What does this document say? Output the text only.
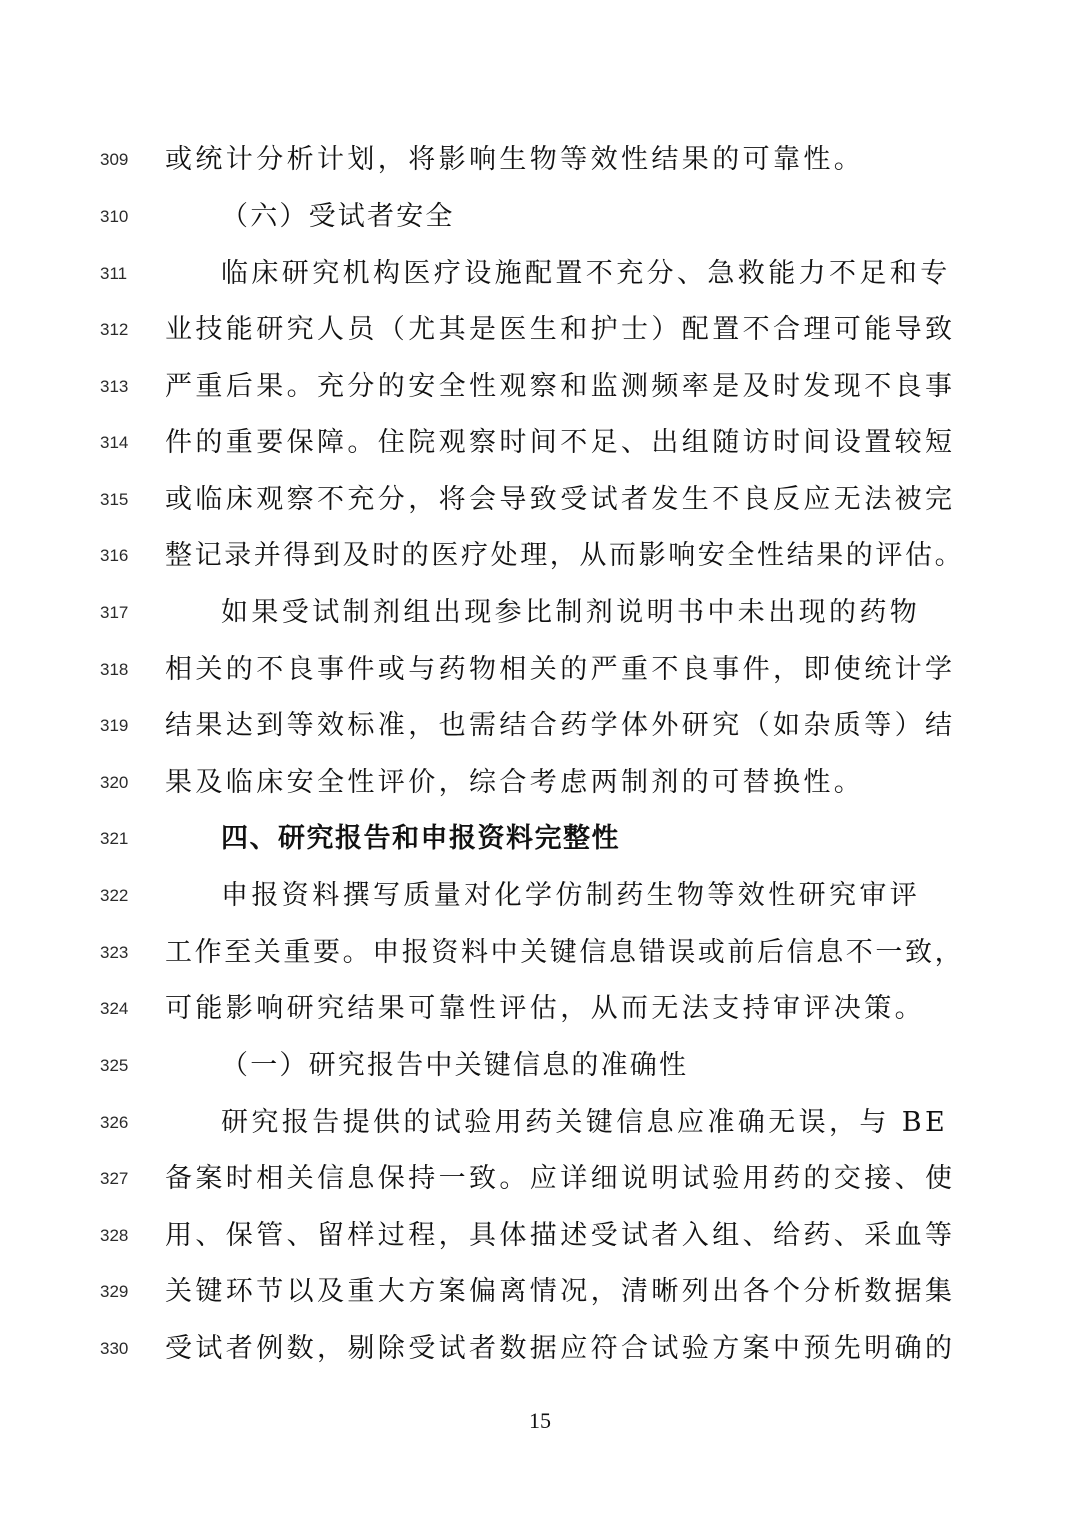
309	或统计分析计划，将影响生物等效性结果的可靠性。
310	（六）受试者安全
311	临床研究机构医疗设施配置不充分、急救能力不足和专
312	业技能研究人员（尤其是医生和护士）配置不合理可能导致
313	严重后果。充分的安全性观察和监测频率是及时发现不良事
314	件的重要保障。住院观察时间不足、出组随访时间设置较短
315	或临床观察不充分，将会导致受试者发生不良反应无法被完
316	整记录并得到及时的医疗处理，从而影响安全性结果的评估。
317	如果受试制剂组出现参比制剂说明书中未出现的药物
318	相关的不良事件或与药物相关的严重不良事件，即使统计学
319	结果达到等效标准，也需结合药学体外研究（如杂质等）结
320	果及临床安全性评价，综合考虑两制剂的可替换性。
321	四、研究报告和申报资料完整性
322	申报资料撰写质量对化学仿制药生物等效性研究审评
323	工作至关重要。申报资料中关键信息错误或前后信息不一致，
324	可能影响研究结果可靠性评估，从而无法支持审评决策。
325	（一）研究报告中关键信息的准确性
326	研究报告提供的试验用药关键信息应准确无误，与 BE
327	备案时相关信息保持一致。应详细说明试验用药的交接、使
328	用、保管、留样过程，具体描述受试者入组、给药、采血等
329	关键环节以及重大方案偏离情况，清晰列出各个分析数据集
330	受试者例数，剔除受试者数据应符合试验方案中预先明确的
15
